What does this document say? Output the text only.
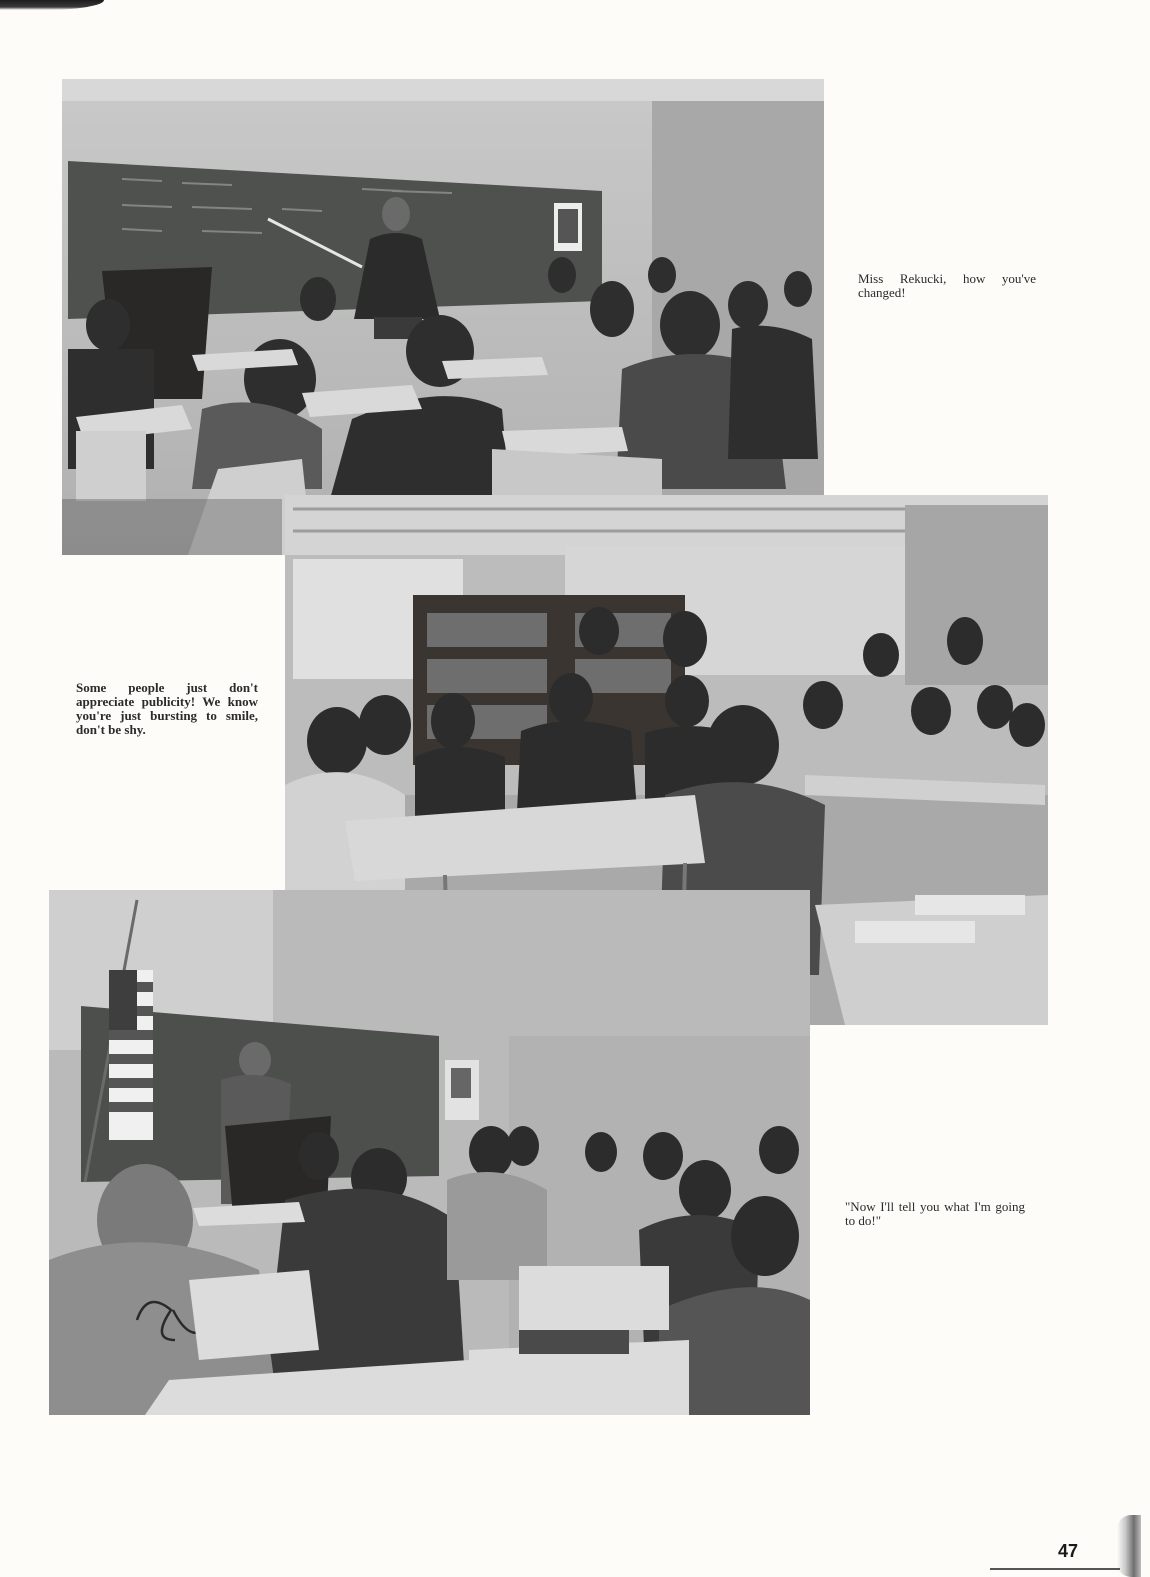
Miss Rekucki, how you've changed!

Some people just don't appreciate publicity! We know you're just bursting to smile, don't be shy.

"Now I'll tell you what I'm going to do!"

47
